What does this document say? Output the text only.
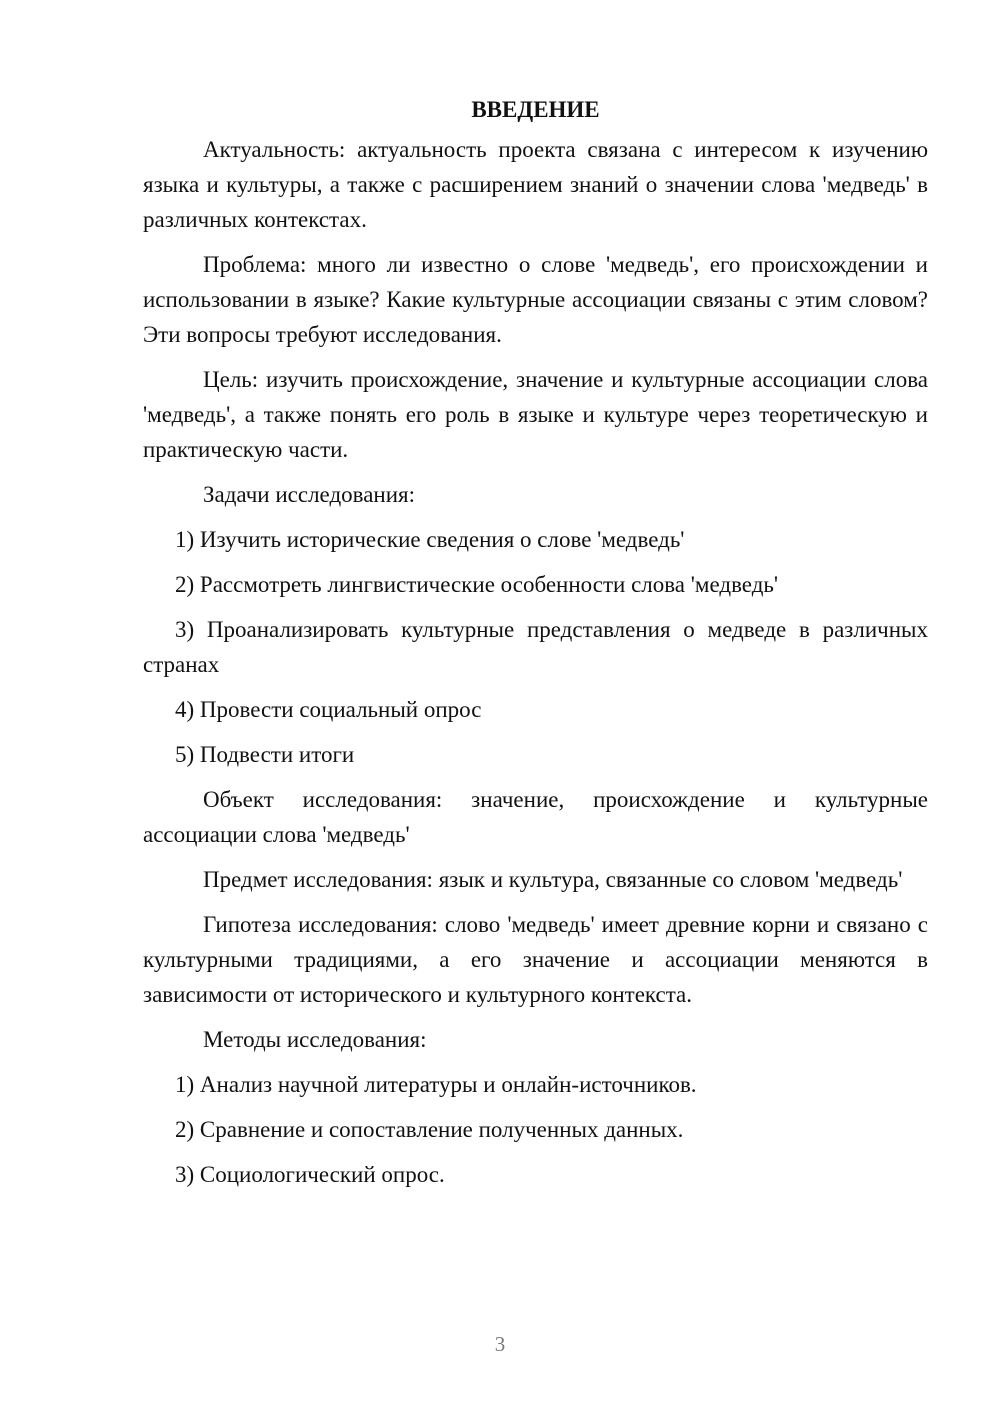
ВВЕДЕНИЕ

Актуальность: актуальность проекта связана с интересом к изучению языка и культуры, а также с расширением знаний о значении слова 'медведь' в различных контекстах.

Проблема: много ли известно о слове 'медведь', его происхождении и использовании в языке? Какие культурные ассоциации связаны с этим словом? Эти вопросы требуют исследования.

Цель: изучить происхождение, значение и культурные ассоциации слова 'медведь', а также понять его роль в языке и культуре через теоретическую и практическую части.

Задачи исследования:

1) Изучить исторические сведения о слове 'медведь'

2) Рассмотреть лингвистические особенности слова 'медведь'

3) Проанализировать культурные представления о медведе в различных странах

4) Провести социальный опрос

5) Подвести итоги

Объект исследования: значение, происхождение и культурные ассоциации слова 'медведь'

Предмет исследования: язык и культура, связанные со словом 'медведь'

Гипотеза исследования: слово 'медведь' имеет древние корни и связано с культурными традициями, а его значение и ассоциации меняются в зависимости от исторического и культурного контекста.

Методы исследования:

1) Анализ научной литературы и онлайн-источников.

2) Сравнение и сопоставление полученных данных.

3) Социологический опрос.

3
